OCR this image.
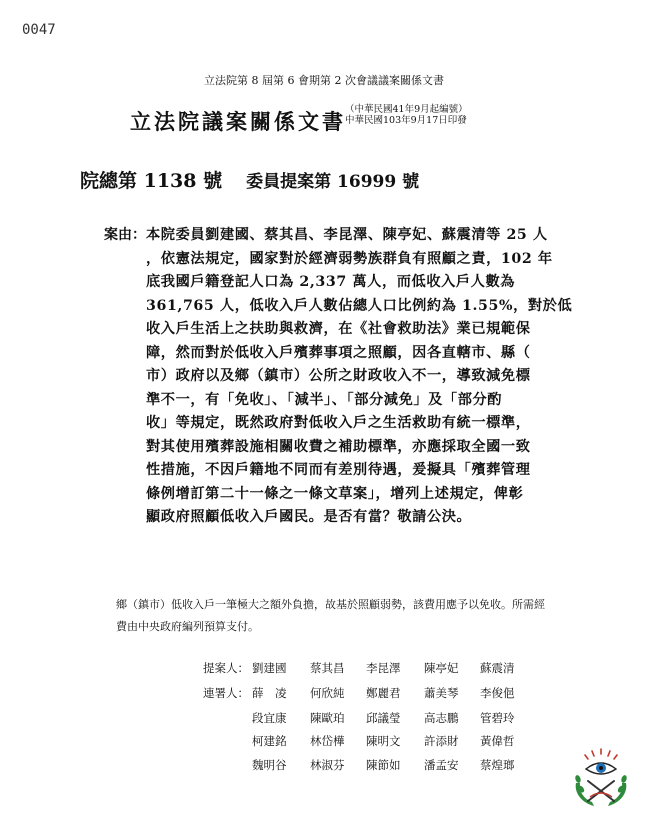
0047
立法院第 8 屆第 6 會期第 2 次會議議案關係文書
立法院議案關係文書 （中華民國41年9月起編號）
中華民國103年9月17日印發
院總第 1138 號 委員提案第 16999 號
案由： 本院委員劉建國、蔡其昌、李昆澤、陳亭妃、蘇震清等 25 人
，依憲法規定，國家對於經濟弱勢族群負有照顧之責，102 年
底我國戶籍登記人口為 2,337 萬人，而低收入戶人數為
361,765 人，低收入戶人數佔總人口比例約為 1.55%，對於低
收入戶生活上之扶助與救濟，在《社會救助法》業已規範保
障，然而對於低收入戶殯葬事項之照顧，因各直轄市、縣（
市）政府以及鄉（鎮市）公所之財政收入不一，導致減免標
準不一，有「免收」、「減半」、「部分減免」及「部分酌
收」等規定，既然政府對低收入戶之生活救助有統一標準，
對其使用殯葬設施相關收費之補助標準，亦應採取全國一致
性措施，不因戶籍地不同而有差別待遇，爰擬具「殯葬管理
條例增訂第二十一條之一條文草案」，增列上述規定，俾彰
顯政府照顧低收入戶國民。是否有當？敬請公決。
鄉（鎮市）低收入戶一筆極大之額外負擔，故基於照顧弱勢，該費用應予以免收。所需經
費由中央政府編列預算支付。
提案人： 劉建國 蔡其昌 李昆澤 陳亭妃 蘇震清
連署人： 薛　凌 何欣純 鄭麗君 蕭美琴 李俊俋
段宜康 陳歐珀 邱議瑩 高志鵬 管碧玲
柯建銘 林岱樺 陳明文 許添財 黃偉哲
魏明谷 林淑芬 陳節如 潘孟安 蔡煌瑯
